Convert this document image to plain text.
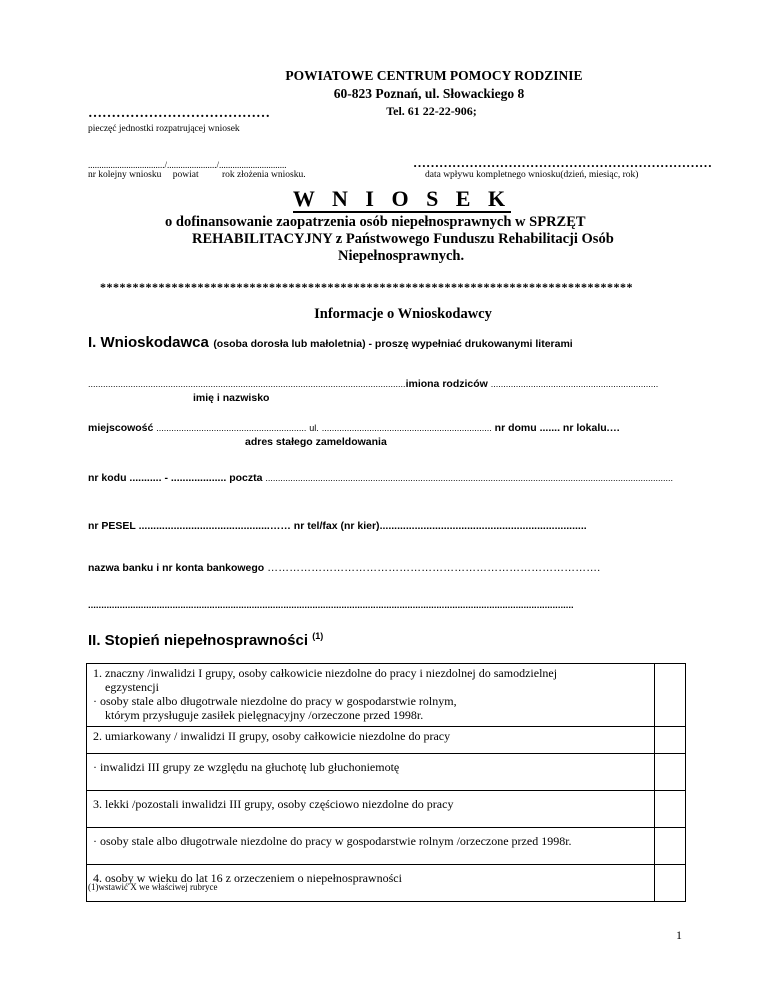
POWIATOWE CENTRUM POMOCY RODZINIE
60-823 Poznań, ul. Słowackiego 8
Tel. 61 22-22-906;
…………………………………
pieczęć jednostki rozpatrującej wniosek
................................../....................../..............................
nr kolejny wniosku powiat rok złożenia wniosku.
……………………………………………………………
data wpływu kompletnego wniosku(dzień, miesiąc, rok)
W N I O S E K
o dofinansowanie zaopatrzenia osób niepełnosprawnych w SPRZĘT
REHABILITACYJNY z Państwowego Funduszu Rehabilitacji Osób
Niepełnosprawnych.
**********************************************************************************
Informacje o Wnioskodawcy
I. Wnioskodawca (osoba dorosła lub małoletnia) - proszę wypełniać drukowanymi literami
...............................................................................................................................imiona rodziców ...................................................................
imię i nazwisko
miejscowość ............................................................ ul. .................................................................... nr domu ....... nr lokalu.…
adres stałego zameldowania
nr kodu ........... - ................... poczta ...................................................................................................................................................................
nr PESEL .............................................…… nr tel/fax (nr kier).......................................................................
nazwa banku i nr konta bankowego ……………………………………………………………………………….
........................................................................................................................................................................................
II. Stopień niepełnosprawności $^{(1)}$
1. znaczny /inwalidzi I grupy, osoby całkowicie niezdolne do pracy i niezdolnej do samodzielnej
egzystencji
· osoby stale albo długotrwale niezdolne do pracy w gospodarstwie rolnym,
którym przysługuje zasiłek pielęgnacyjny /orzeczone przed 1998r.	

2. umiarkowany / inwalidzi II grupy, osoby całkowicie niezdolne do pracy	
· inwalidzi III grupy ze względu na głuchotę lub głuchoniemotę	
3. lekki /pozostali inwalidzi III grupy, osoby częściowo niezdolne do pracy	
· osoby stale albo długotrwale niezdolne do pracy w gospodarstwie rolnym /orzeczone przed 1998r.	
4. osoby w wieku do lat 16 z orzeczeniem o niepełnosprawności	
(1)wstawić X we właściwej rubryce
1
